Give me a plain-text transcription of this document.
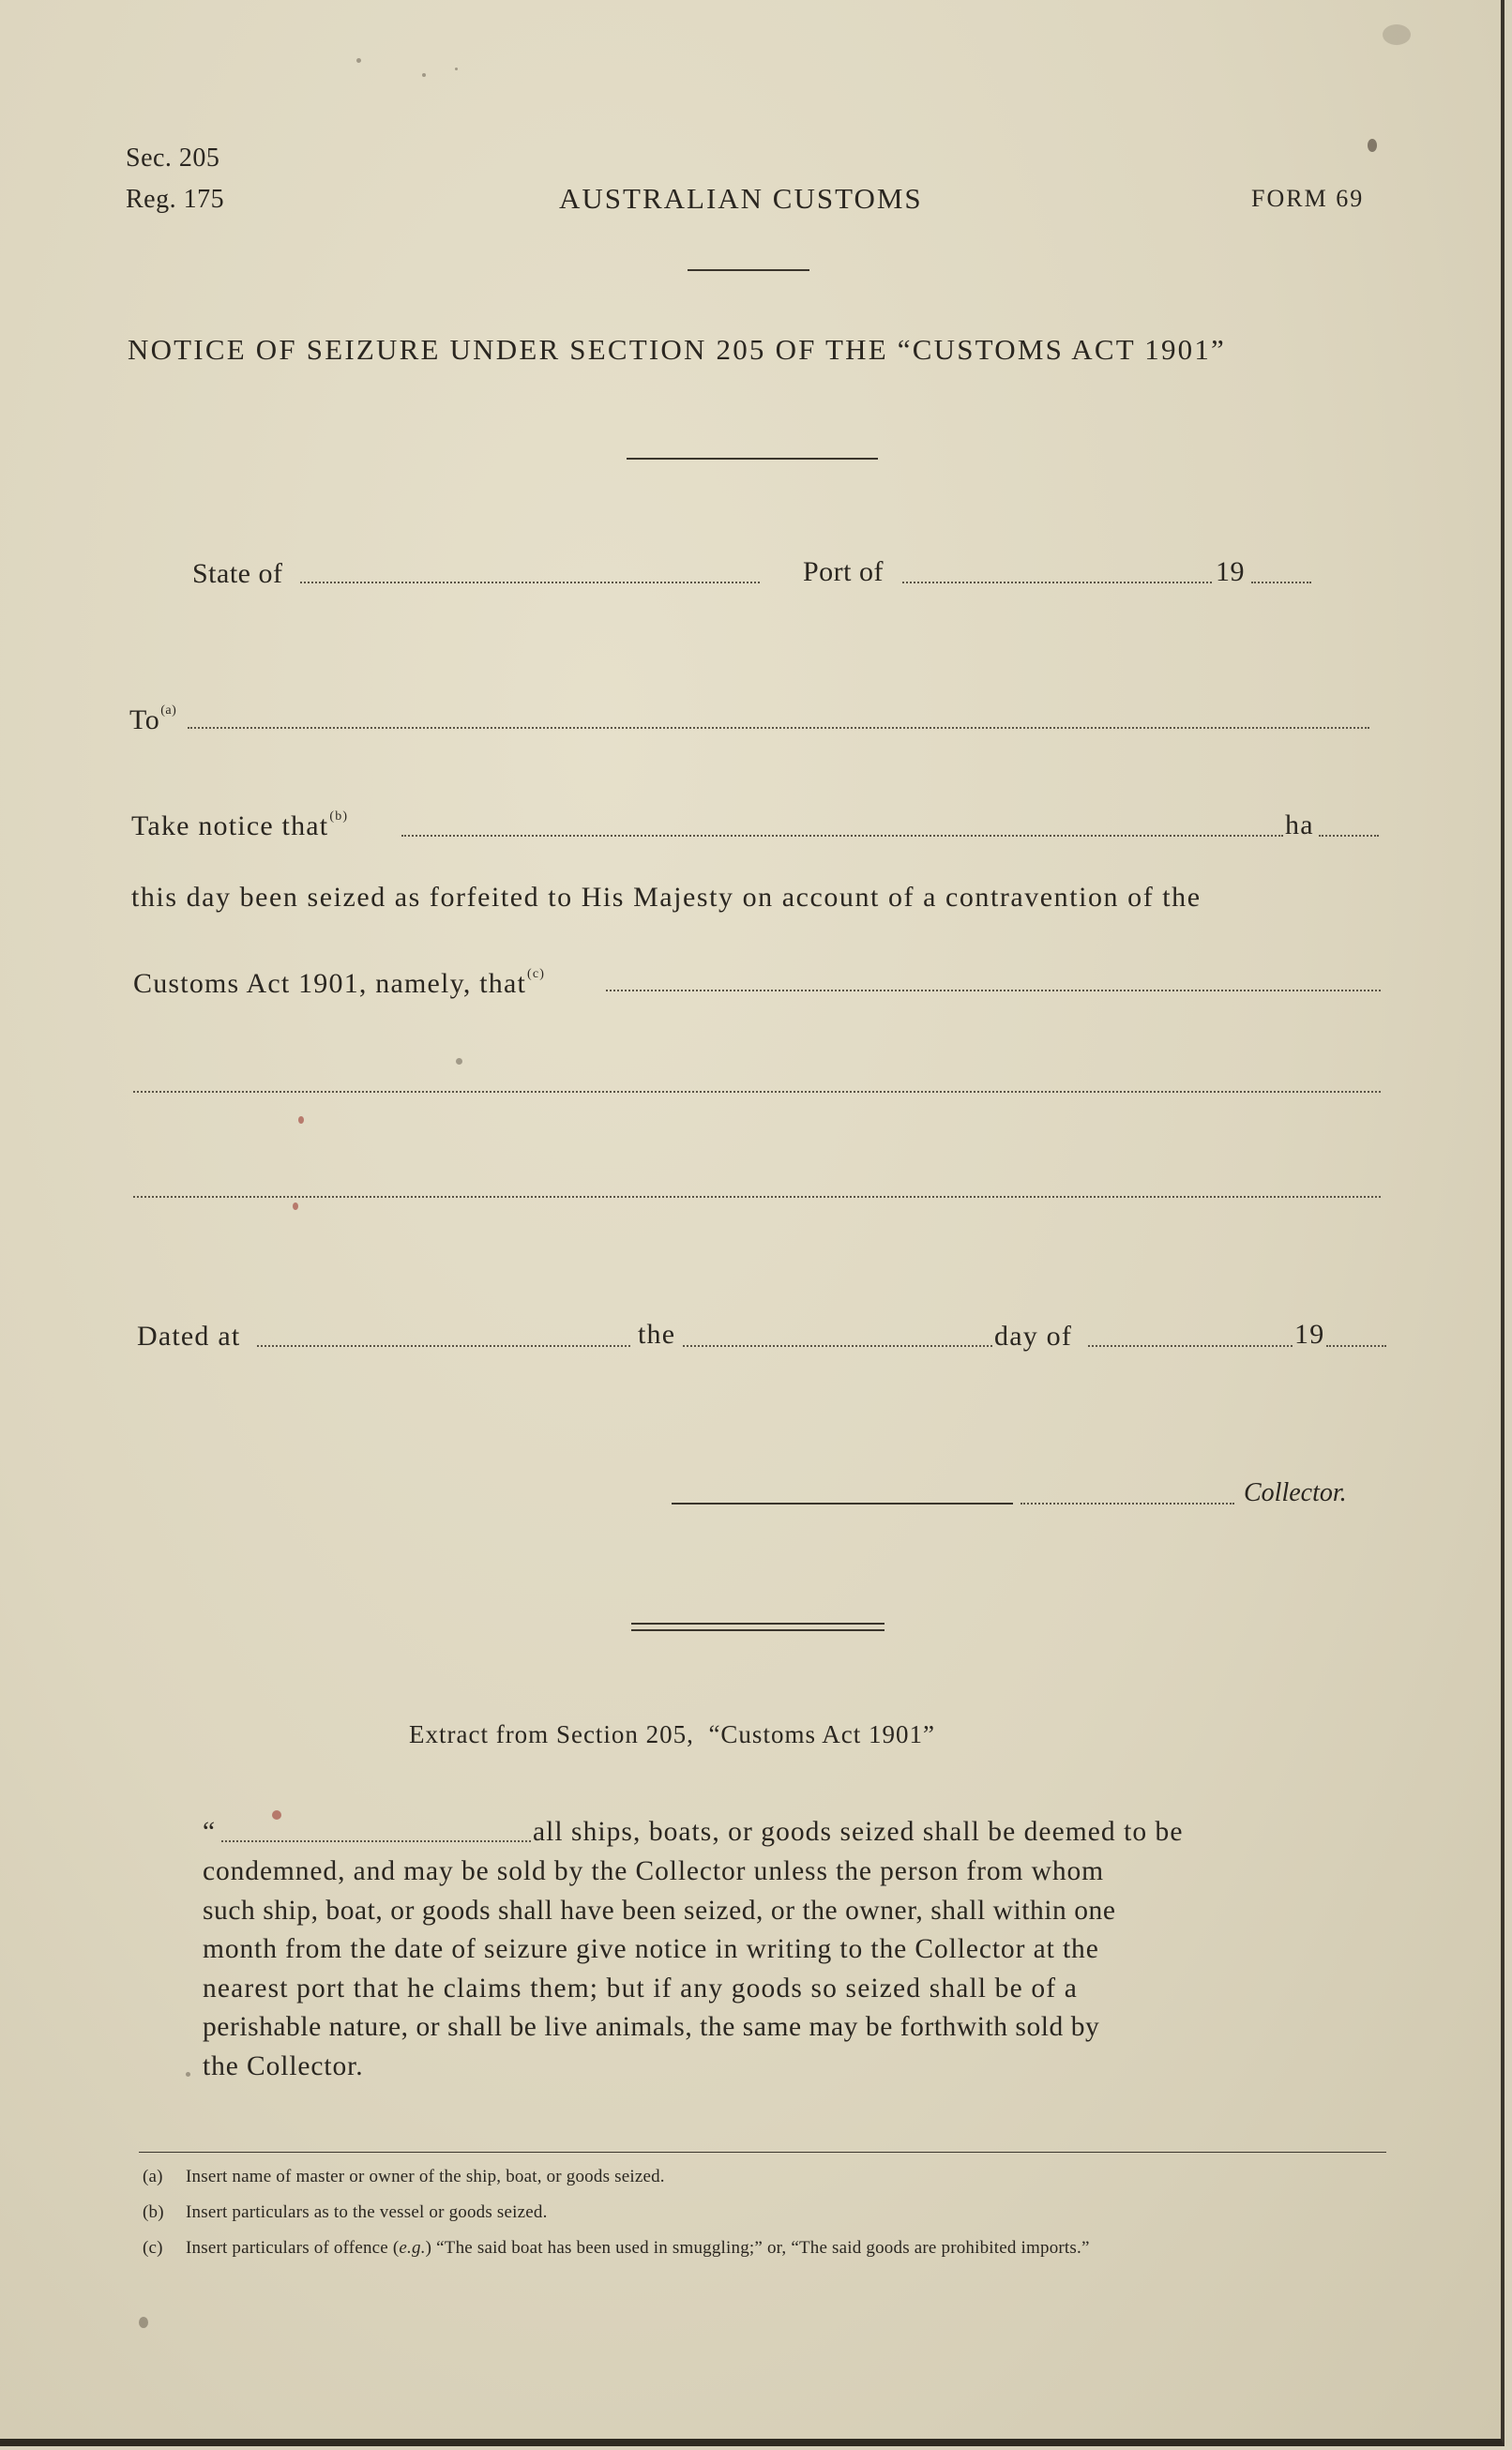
Sec. 205
Reg. 175	AUSTRALIAN CUSTOMS	FORM 69
NOTICE OF SEIZURE UNDER SECTION 205 OF THE “CUSTOMS ACT 1901”
State of	Port of	19
To$^{(a)}$
Take notice that$^{(b)}$	ha
this day been seized as forfeited to His Majesty on account of a contravention of the
Customs Act 1901, namely, that$^{(c)}$
Dated at	the	day of	19
Collector.
Extract from Section 205, “Customs Act 1901”
“	all ships, boats, or goods seized shall be deemed to be
condemned, and may be sold by the Collector unless the person from whom
such ship, boat, or goods shall have been seized, or the owner, shall within one
month from the date of seizure give notice in writing to the Collector at the
nearest port that he claims them; but if any goods so seized shall be of a
perishable nature, or shall be live animals, the same may be forthwith sold by
the Collector.
(a) Insert name of master or owner of the ship, boat, or goods seized.
(b) Insert particulars as to the vessel or goods seized.
(c) Insert particulars of offence (e.g.) “The said boat has been used in smuggling;” or, “The said goods are prohibited imports.”
